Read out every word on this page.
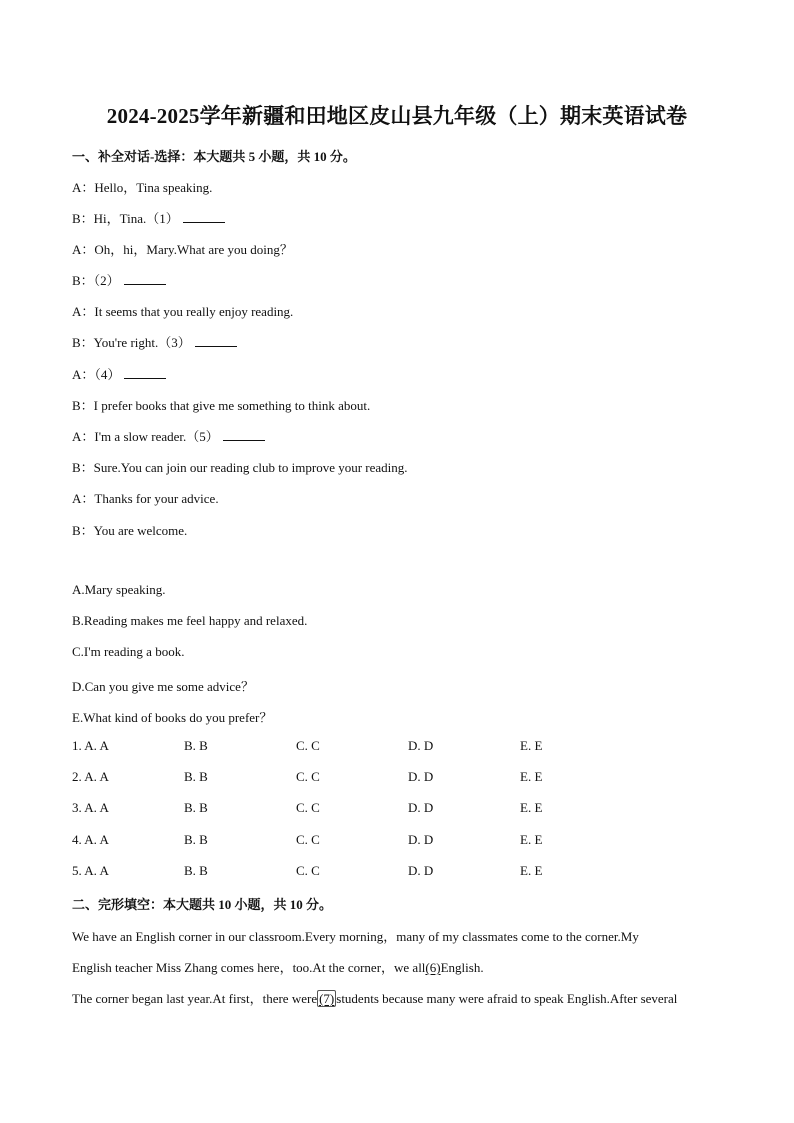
2024-2025学年新疆和田地区皮山县九年级（上）期末英语试卷
一、补全对话-选择：本大题共 5 小题，共 10 分。
A：Hello，Tina speaking.
B：Hi，Tina.（1）
A：Oh，hi，Mary.What are you doing？
B：（2）
A：It seems that you really enjoy reading.
B：You're right.（3）
A：（4）
B：I prefer books that give me something to think about.
A：I'm a slow reader.（5）
B：Sure.You can join our reading club to improve your reading.
A：Thanks for your advice.
B：You are welcome.
A.Mary speaking.
B.Reading makes me feel happy and relaxed.
C.I'm reading a book.
D.Can you give me some advice？
E.What kind of books do you prefer？
1. A. A	B. B	C. C	D. D	E. E
2. A. A	B. B	C. C	D. D	E. E
3. A. A	B. B	C. C	D. D	E. E
4. A. A	B. B	C. C	D. D	E. E
5. A. A	B. B	C. C	D. D	E. E
二、完形填空：本大题共 10 小题，共 10 分。
We have an English corner in our classroom.Every morning，many of my classmates come to the corner.My
English teacher Miss Zhang comes here，too.At the corner，we all(6)English.
The corner began last year.At first，there were (7) students because many were afraid to speak English.After several
